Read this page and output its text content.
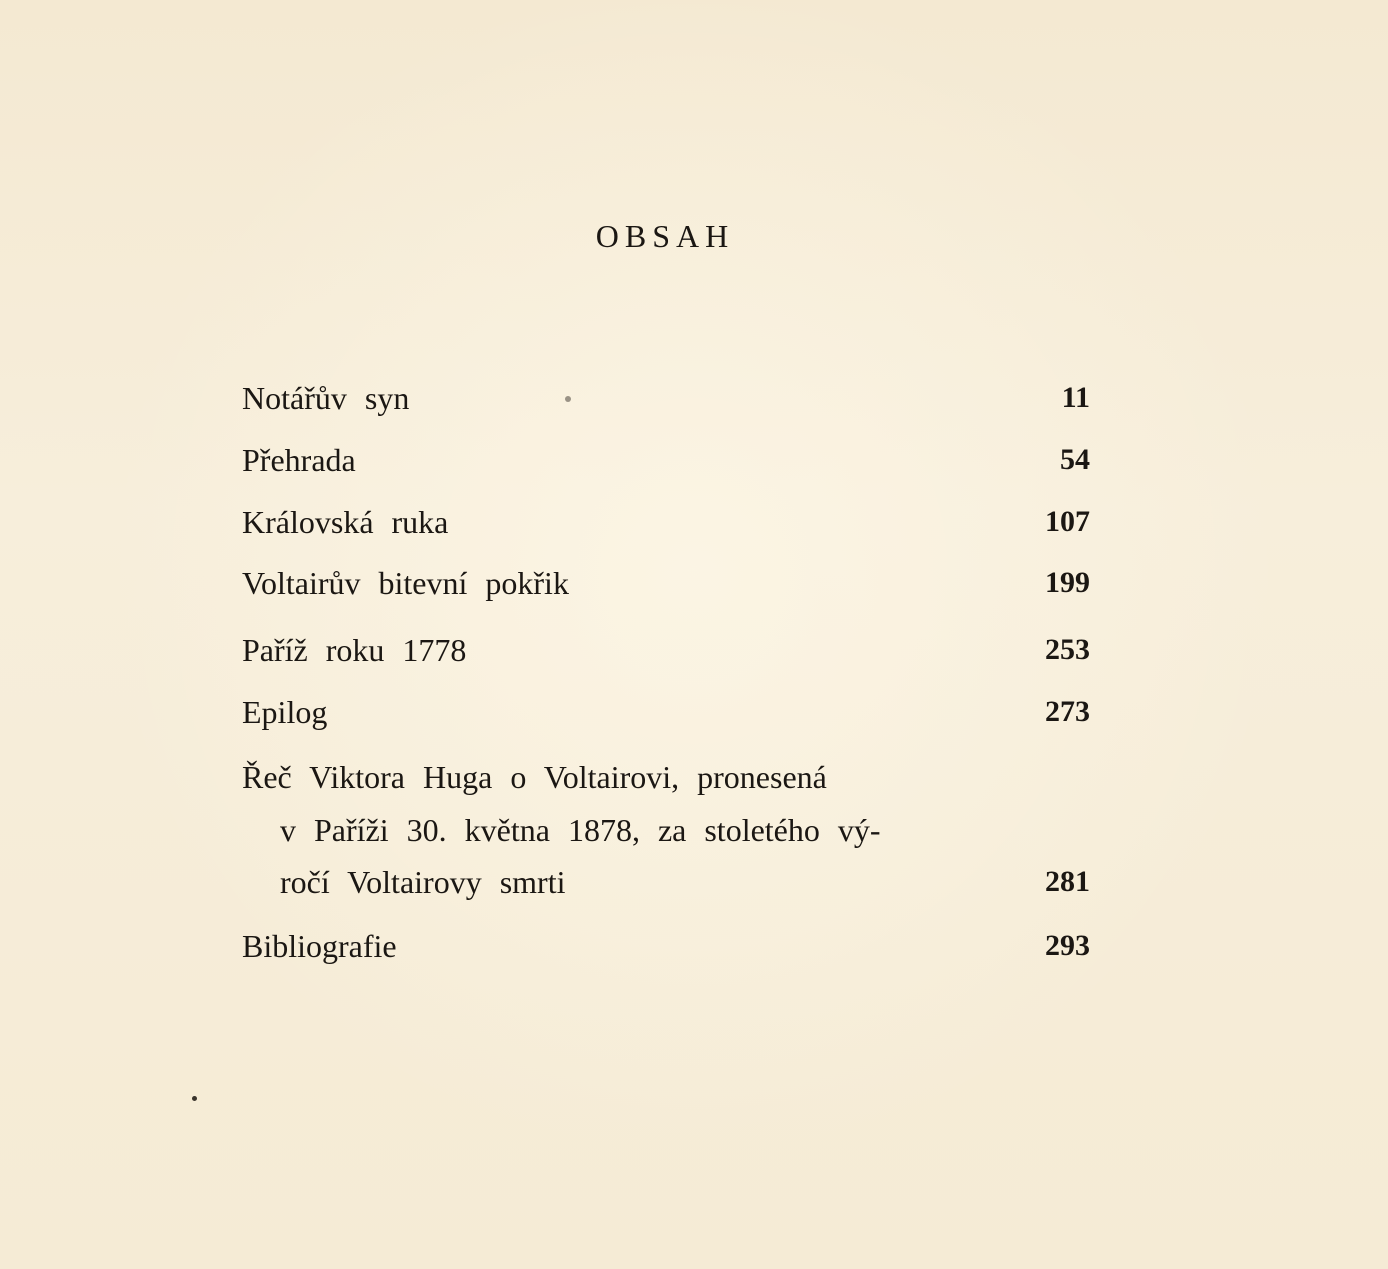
OBSAH
Notářův syn	11
Přehrada	54
Královská ruka	107
Voltairův bitevní pokřik	199
Paříž roku 1778	253
Epilog	273
Řeč Viktora Huga o Voltairovi, pronesená
v Paříži 30. května 1878, za stoletého vý-
ročí Voltairovy smrti	281
Bibliografie	293
